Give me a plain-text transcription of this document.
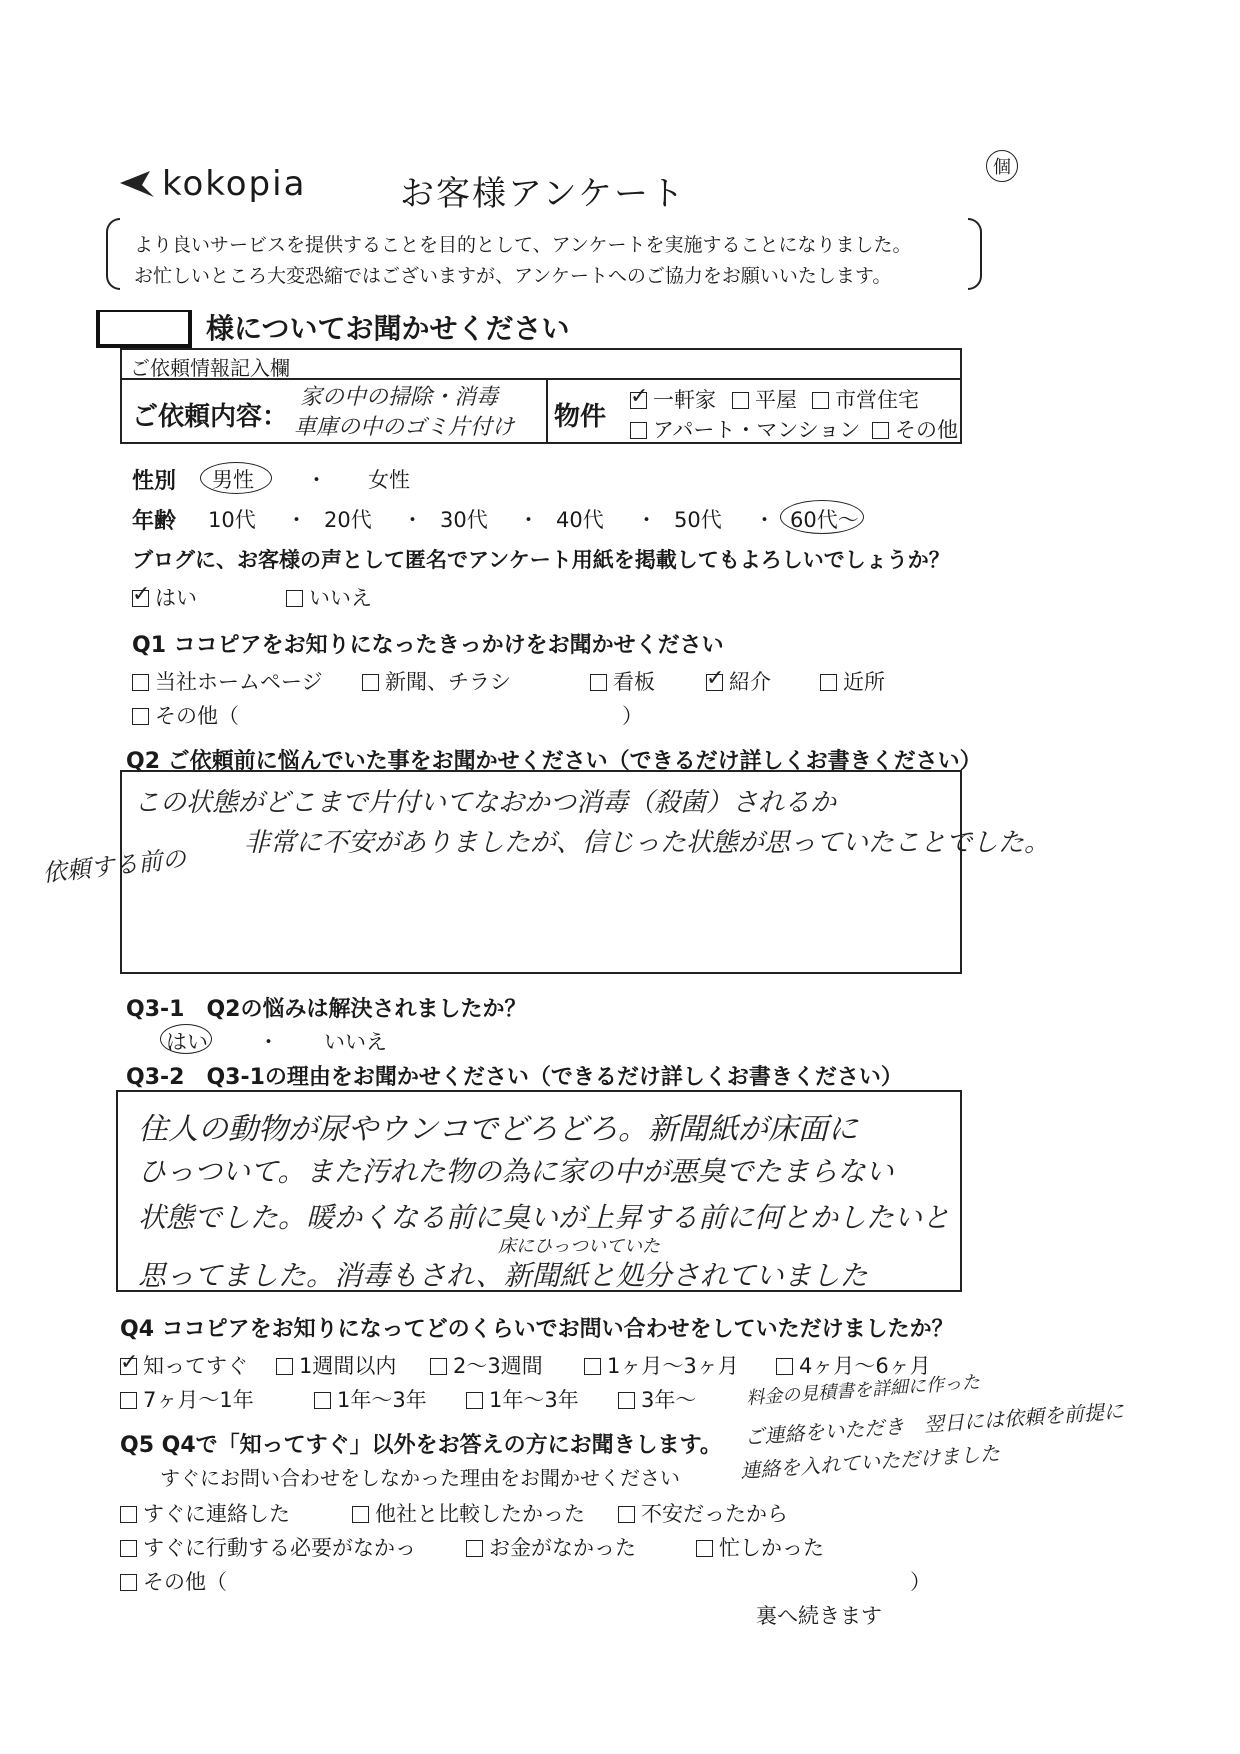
kokopia	お客様アンケート
個
より良いサービスを提供することを目的として、アンケートを実施することになりました。
お忙しいところ大変恐縮ではございますが、アンケートへのご協力をお願いいたします。
様についてお聞かせください
ご依頼情報記入欄
ご依頼内容：
家の中の掃除・消毒
車庫の中のゴミ片付け 物件
✓ 一軒家	平屋	市営住宅
アパート・マンション	その他
性別 男性 ・ 女性
年齢 10代 ・ 20代 ・ 30代 ・ 40代 ・ 50代 ・ 60代〜
ブログに、お客様の声として匿名でアンケート用紙を掲載してもよろしいでしょうか？
✓ はい	いいえ
Q1 ココピアをお知りになったきっかけをお聞かせください
当社ホームページ	新聞、チラシ	看板 ✓ 紹介	近所
その他（	）
Q2 ご依頼前に悩んでいた事をお聞かせください（できるだけ詳しくお書きください）
この状態がどこまで片付いてなおかつ消毒（殺菌）されるか
非常に不安がありましたが、信じった状態が思っていたことでした。
依頼する前の
Q3-1　Q2の悩みは解決されましたか？
はい ・ いいえ
Q3-2　Q3-1の理由をお聞かせください（できるだけ詳しくお書きください）
住人の動物が尿やウンコでどろどろ。新聞紙が床面に
ひっついて。また汚れた物の為に家の中が悪臭でたまらない
状態でした。暖かくなる前に臭いが上昇する前に何とかしたいと
床にひっついていた
思ってました。消毒もされ、新聞紙と処分されていました
Q4 ココピアをお知りになってどのくらいでお問い合わせをしていただけましたか？
✓ 知ってすぐ	1週間以内	2〜3週間	1ヶ月〜3ヶ月	4ヶ月〜6ヶ月
7ヶ月〜1年	1年〜3年	1年〜3年	3年〜	料金の見積書を詳細に作った
ご連絡をいただき　翌日には依頼を前提に
連絡を入れていただけました
Q5 Q4で「知ってすぐ」以外をお答えの方にお聞きします。
すぐにお問い合わせをしなかった理由をお聞かせください
すぐに連絡した	他社と比較したかった	不安だったから
すぐに行動する必要がなかっ	お金がなかった	忙しかった
その他（	）
裏へ続きます
